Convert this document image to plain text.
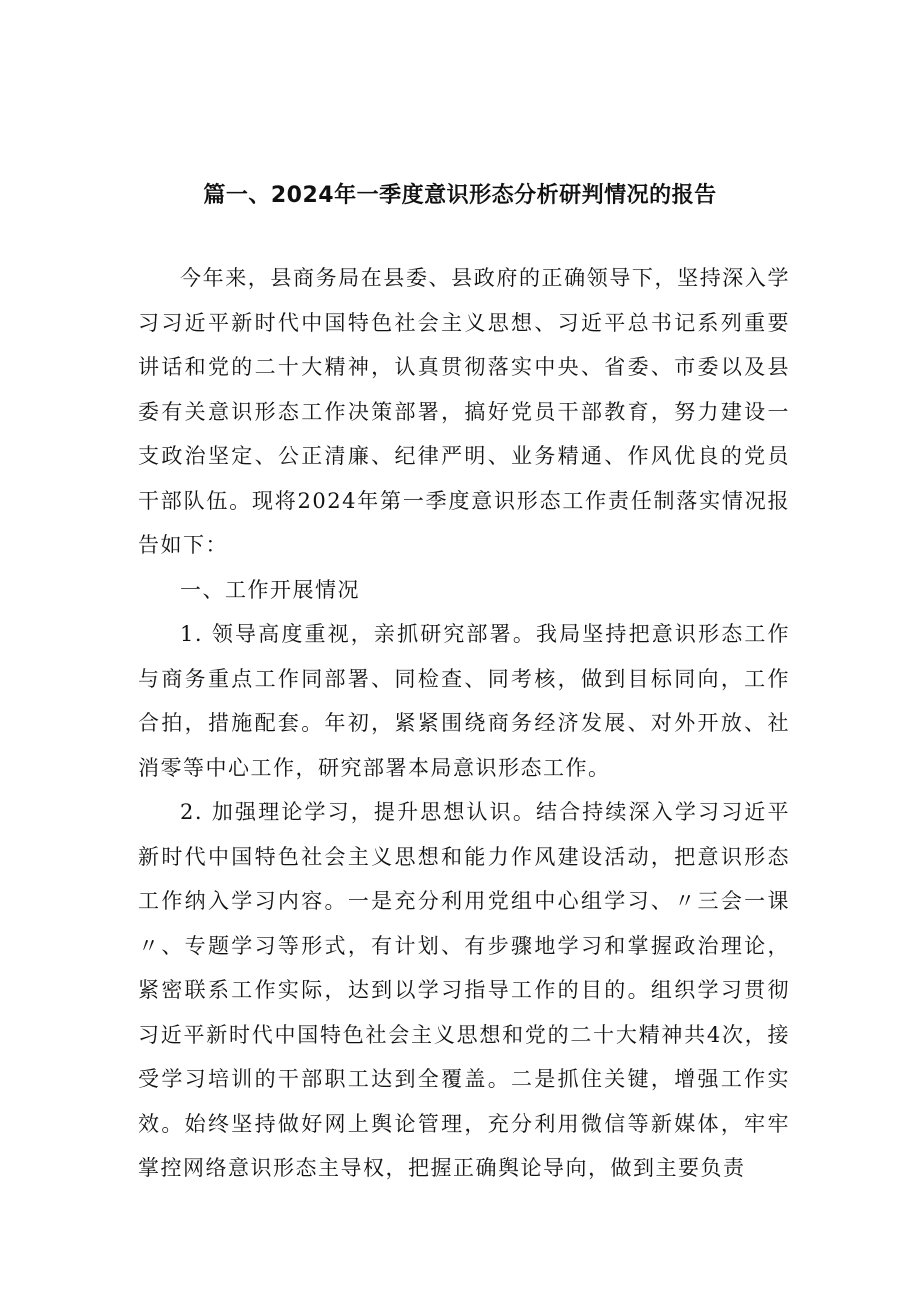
篇一、2024年一季度意识形态分析研判情况的报告

今年来，县商务局在县委、县政府的正确领导下，坚持深入学习习近平新时代中国特色社会主义思想、习近平总书记系列重要讲话和党的二十大精神，认真贯彻落实中央、省委、市委以及县委有关意识形态工作决策部署，搞好党员干部教育，努力建设一支政治坚定、公正清廉、纪律严明、业务精通、作风优良的党员干部队伍。现将2024年第一季度意识形态工作责任制落实情况报告如下：

一、工作开展情况

1. 领导高度重视，亲抓研究部署。我局坚持把意识形态工作与商务重点工作同部署、同检查、同考核，做到目标同向，工作合拍，措施配套。年初，紧紧围绕商务经济发展、对外开放、社消零等中心工作，研究部署本局意识形态工作。

2. 加强理论学习，提升思想认识。结合持续深入学习习近平新时代中国特色社会主义思想和能力作风建设活动，把意识形态工作纳入学习内容。一是充分利用党组中心组学习、〃三会一课〃、专题学习等形式，有计划、有步骤地学习和掌握政治理论，紧密联系工作实际，达到以学习指导工作的目的。组织学习贯彻习近平新时代中国特色社会主义思想和党的二十大精神共4次，接受学习培训的干部职工达到全覆盖。二是抓住关键，增强工作实效。始终坚持做好网上舆论管理，充分利用微信等新媒体，牢牢掌控网络意识形态主导权，把握正确舆论导向，做到主要负责
